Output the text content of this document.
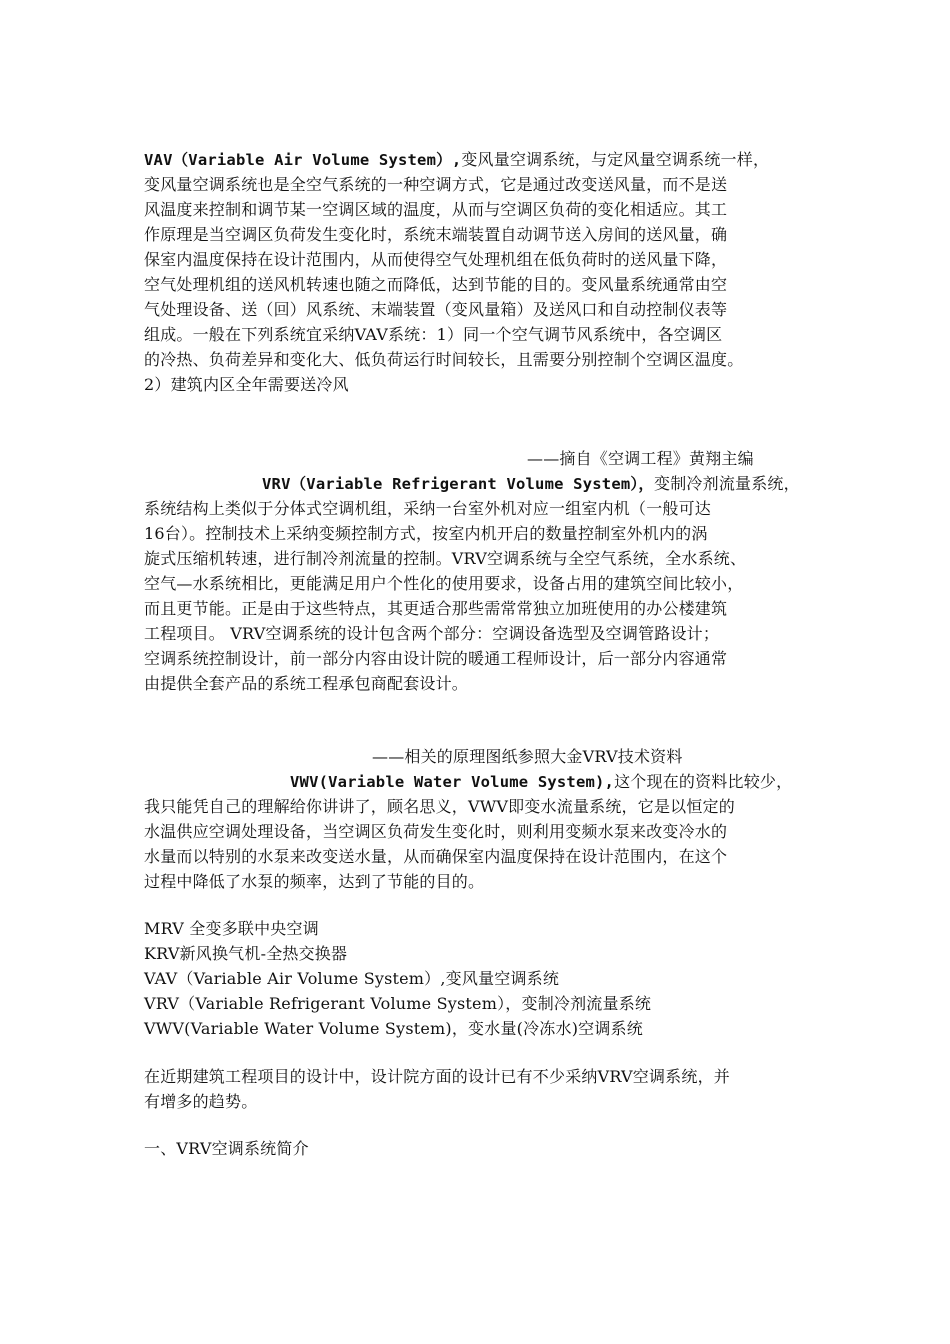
VAV（Variable Air Volume System）,变风量空调系统，与定风量空调系统一样，
变风量空调系统也是全空气系统的一种空调方式，它是通过改变送风量，而不是送
风温度来控制和调节某一空调区域的温度，从而与空调区负荷的变化相适应。其工
作原理是当空调区负荷发生变化时，系统末端装置自动调节送入房间的送风量，确
保室内温度保持在设计范围内，从而使得空气处理机组在低负荷时的送风量下降，
空气处理机组的送风机转速也随之而降低，达到节能的目的。变风量系统通常由空
气处理设备、送（回）风系统、末端装置（变风量箱）及送风口和自动控制仪表等
组成。一般在下列系统宜采纳VAV系统：1）同一个空气调节风系统中，各空调区
的冷热、负荷差异和变化大、低负荷运行时间较长，且需要分别控制个空调区温度。
2）建筑内区全年需要送冷风
——摘自《空调工程》黄翔主编
VRV（Variable Refrigerant Volume System），变制冷剂流量系统，
系统结构上类似于分体式空调机组，采纳一台室外机对应一组室内机（一般可达
16台）。控制技术上采纳变频控制方式，按室内机开启的数量控制室外机内的涡
旋式压缩机转速，进行制冷剂流量的控制。VRV空调系统与全空气系统，全水系统、
空气—水系统相比，更能满足用户个性化的使用要求，设备占用的建筑空间比较小，
而且更节能。正是由于这些特点，其更适合那些需常常独立加班使用的办公楼建筑
工程项目。 VRV空调系统的设计包含两个部分：空调设备选型及空调管路设计；
空调系统控制设计，前一部分内容由设计院的暖通工程师设计，后一部分内容通常
由提供全套产品的系统工程承包商配套设计。
——相关的原理图纸参照大金VRV技术资料
VWV(Variable Water Volume System),这个现在的资料比较少，
我只能凭自己的理解给你讲讲了，顾名思义，VWV即变水流量系统，它是以恒定的
水温供应空调处理设备，当空调区负荷发生变化时，则利用变频水泵来改变冷水的
水量而以特别的水泵来改变送水量，从而确保室内温度保持在设计范围内，在这个
过程中降低了水泵的频率，达到了节能的目的。
MRV 全变多联中央空调
KRV新风换气机-全热交换器
VAV（Variable Air Volume System）,变风量空调系统
VRV（Variable Refrigerant Volume System），变制冷剂流量系统
VWV(Variable Water Volume System)，变水量(冷冻水)空调系统
在近期建筑工程项目的设计中，设计院方面的设计已有不少采纳VRV空调系统，并
有增多的趋势。
一、VRV空调系统简介
